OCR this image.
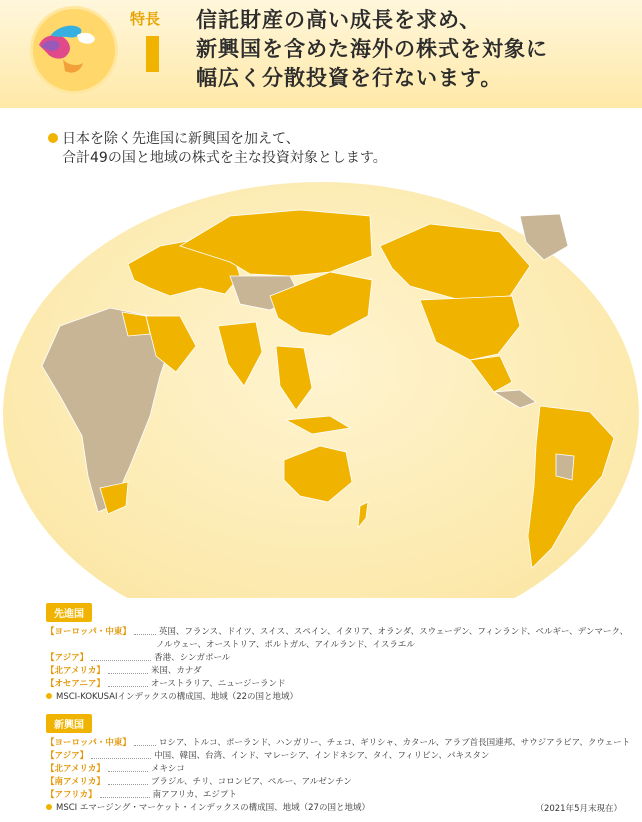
特長 信託財産の高い成長を求め、
新興国を含めた海外の株式を対象に
幅広く分散投資を行ないます。
日本を除く先進国に新興国を加えて、
合計49の国と地域の株式を主な投資対象とします。
先進国
【ヨーロッパ・中東】	英国、フランス、ドイツ、スイス、スペイン、イタリア、オランダ、スウェーデン、フィンランド、ベルギー、デンマーク、
ノルウェー、オーストリア、ポルトガル、アイルランド、イスラエル
【アジア】	香港、シンガポール
【北アメリカ】	米国、カナダ
【オセアニア】	オーストラリア、ニュージーランド
MSCI-KOKUSAIインデックスの構成国、地域（22の国と地域）
新興国
【ヨーロッパ・中東】	ロシア、トルコ、ポーランド、ハンガリー、チェコ、ギリシャ、カタール、アラブ首長国連邦、サウジアラビア、クウェート
【アジア】	中国、韓国、台湾、インド、マレーシア、インドネシア、タイ、フィリピン、パキスタン
【北アメリカ】	メキシコ
【南アメリカ】	ブラジル、チリ、コロンビア、ペルー、アルゼンチン
【アフリカ】	南アフリカ、エジプト
MSCI エマージング・マーケット・インデックスの構成国、地域（27の国と地域）	（2021年5月末現在）
